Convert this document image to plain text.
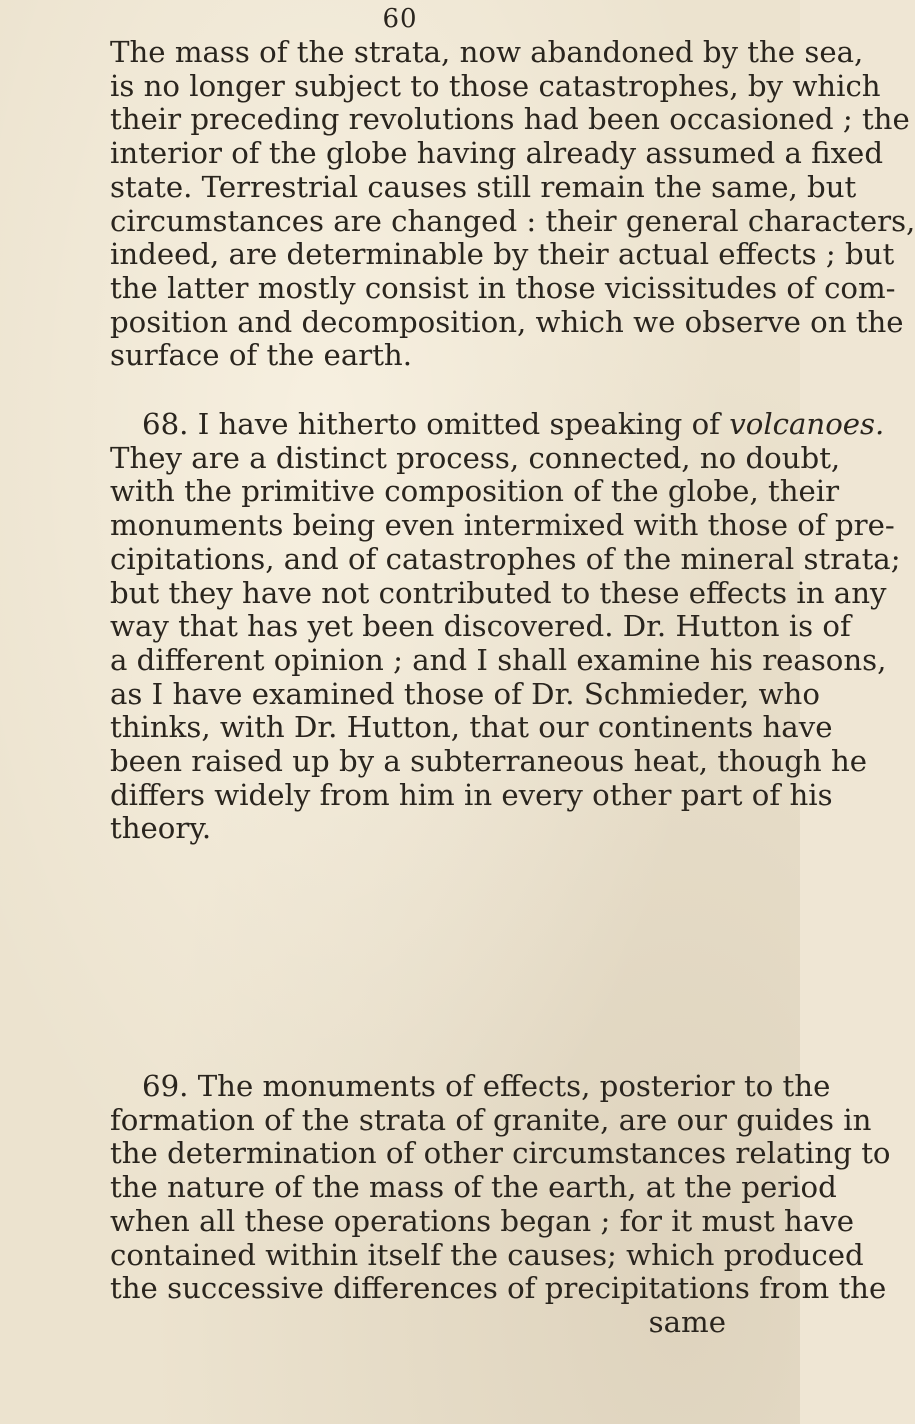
60
The mass of the strata, now abandoned by the sea,
is no longer subject to those catastrophes, by which
their preceding revolutions had been occasioned ; the
interior of the globe having already assumed a fixed
state. Terrestrial causes still remain the same, but
circumstances are changed : their general characters,
indeed, are determinable by their actual effects ; but
the latter mostly consist in those vicissitudes of com-
position and decomposition, which we observe on the
surface of the earth.
68. I have hitherto omitted speaking of volcanoes.
They are a distinct process, connected, no doubt,
with the primitive composition of the globe, their
monuments being even intermixed with those of pre-
cipitations, and of catastrophes of the mineral strata;
but they have not contributed to these effects in any
way that has yet been discovered. Dr. Hutton is of
a different opinion ; and I shall examine his reasons,
as I have examined those of Dr. Schmieder, who
thinks, with Dr. Hutton, that our continents have
been raised up by a subterraneous heat, though he
differs widely from him in every other part of his
theory.
69. The monuments of effects, posterior to the
formation of the strata of granite, are our guides in
the determination of other circumstances relating to
the nature of the mass of the earth, at the period
when all these operations began ; for it must have
contained within itself the causes; which produced
the successive differences of precipitations from the
same
